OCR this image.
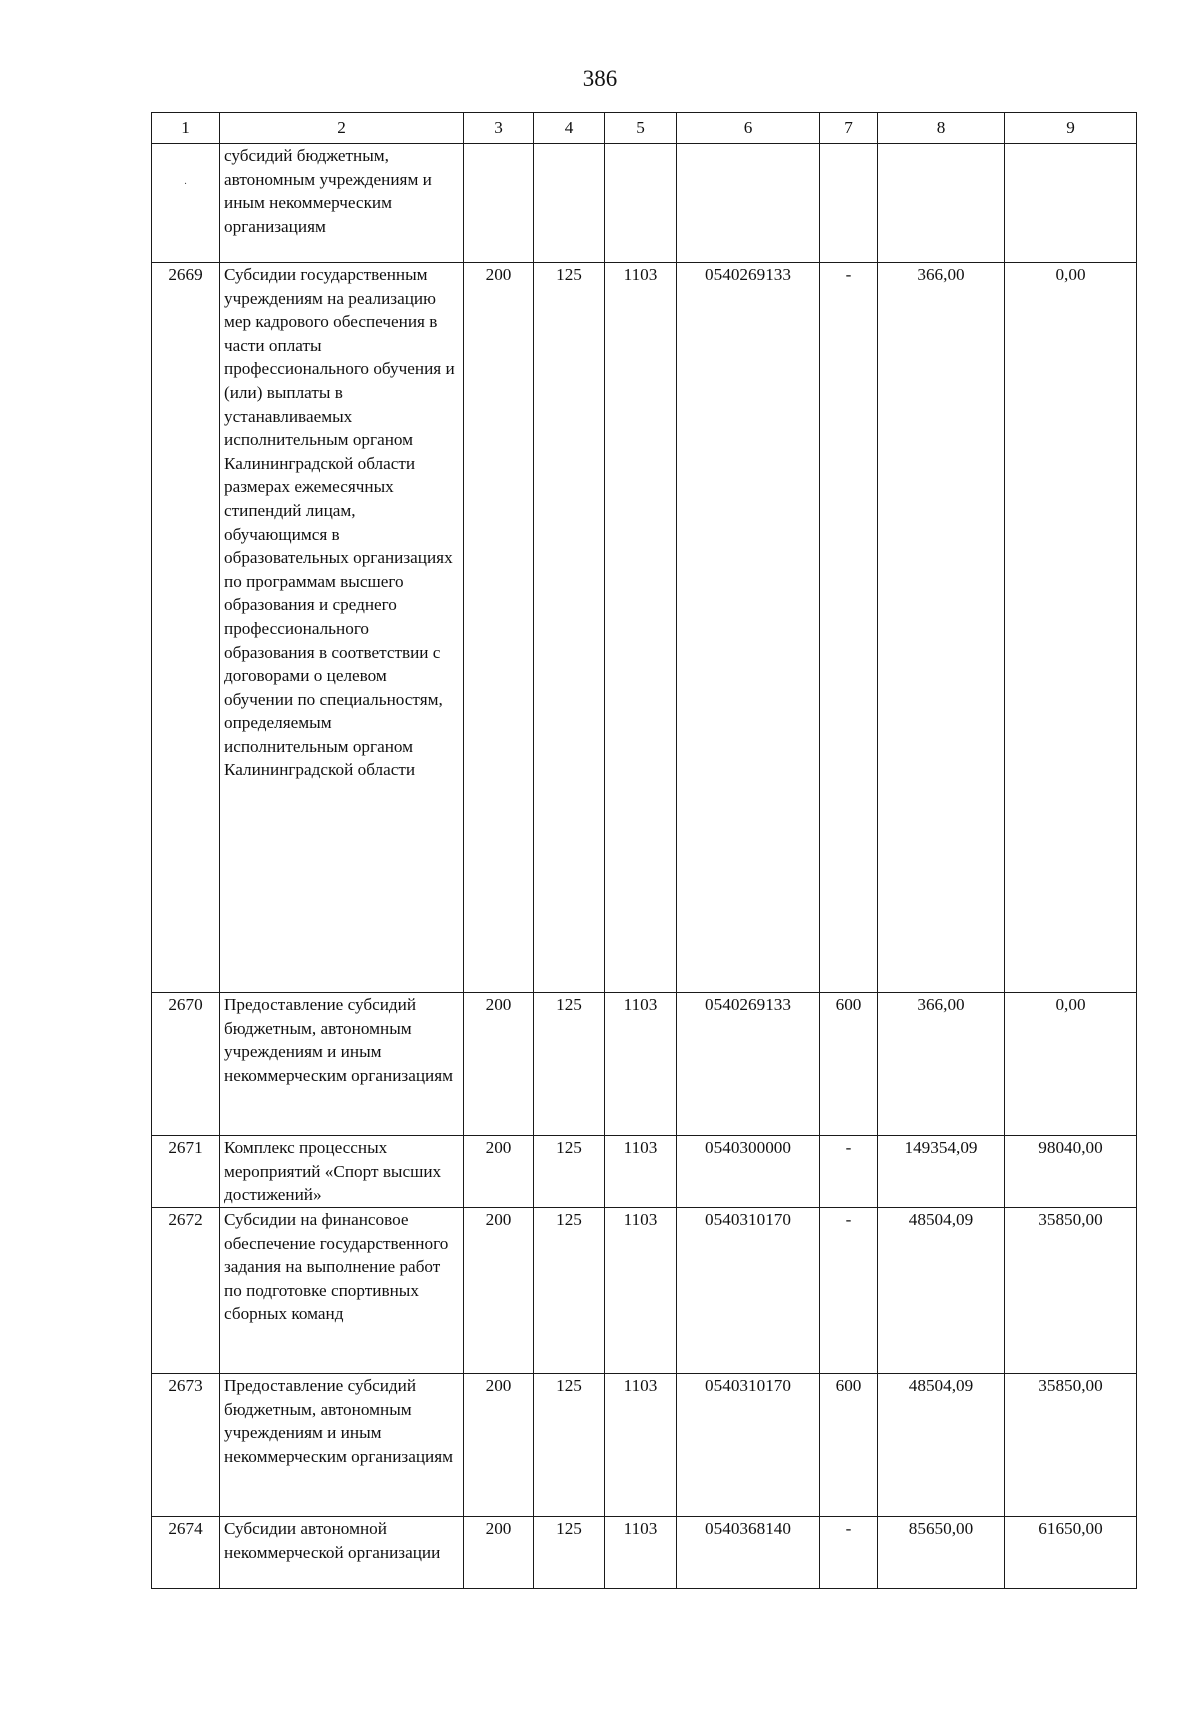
386
1	2	3	4	5	6	7	8	9

·	субсидий бюджетным, автономным учреждениям и иным некоммерческим организациям							
2669	Субсидии государственным учреждениям на реализацию мер кадрового обеспечения в части оплаты профессионального обучения и (или) выплаты в устанавливаемых исполнительным органом Калининградской области размерах ежемесячных стипендий лицам, обучающимся в образовательных организациях по программам высшего образования и среднего профессионального образования в соответствии с договорами о целевом обучении по специальностям, определяемым исполнительным органом Калининградской области	200	125	1103	0540269133	-	366,00	0,00
2670	Предоставление субсидий бюджетным, автономным учреждениям и иным некоммерческим организациям	200	125	1103	0540269133	600	366,00	0,00
2671	Комплекс процессных мероприятий «Спорт высших достижений»	200	125	1103	0540300000	-	149354,09	98040,00
2672	Субсидии на финансовое обеспечение государственного задания на выполнение работ по подготовке спортивных сборных команд	200	125	1103	0540310170	-	48504,09	35850,00
2673	Предоставление субсидий бюджетным, автономным учреждениям и иным некоммерческим организациям	200	125	1103	0540310170	600	48504,09	35850,00
2674	Субсидии автономной некоммерческой организации	200	125	1103	0540368140	-	85650,00	61650,00
